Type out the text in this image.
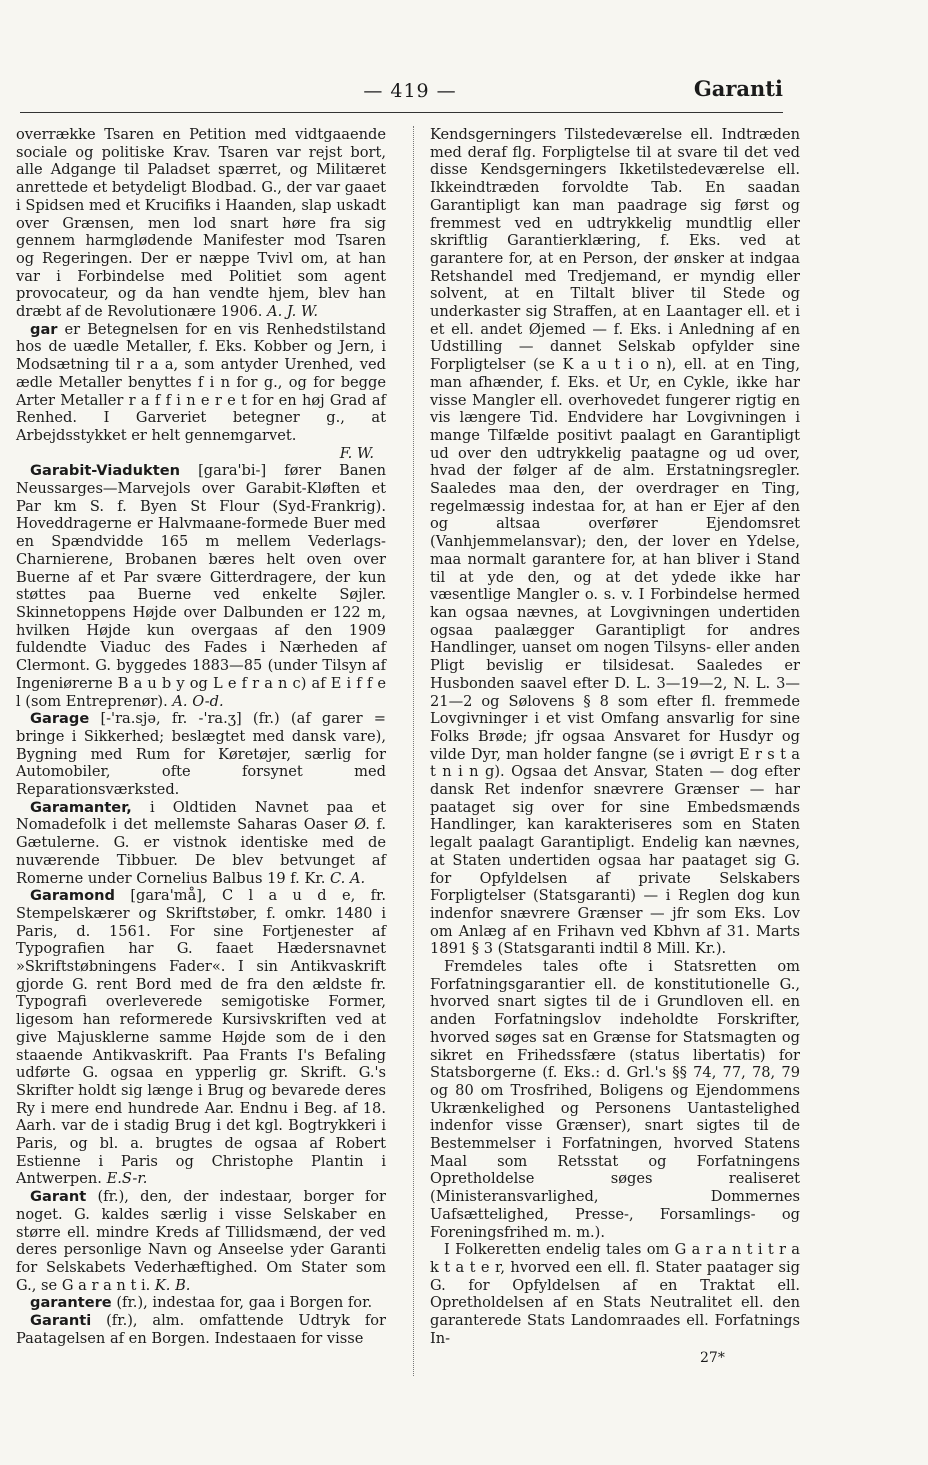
— 419 —	Garanti

overrække Tsaren en Petition med vidtgaaende sociale og politiske Krav. Tsaren var rejst bort, alle Adgange til Paladset spærret, og Militæret anrettede et betydeligt Blodbad. G., der var gaaet i Spidsen med et Krucifiks i Haanden, slap uskadt over Grænsen, men lod snart høre fra sig gennem harmglødende Manifester mod Tsaren og Regeringen. Der er næppe Tvivl om, at han var i Forbindelse med Politiet som agent provocateur, og da han vendte hjem, blev han dræbt af de Revolutionære 1906. A. J. W.

gar er Betegnelsen for en vis Renhedstilstand hos de uædle Metaller, f. Eks. Kobber og Jern, i Modsætning til r a a, som antyder Urenhed, ved ædle Metaller benyttes f i n for g., og for begge Arter Metaller r a f f i n e r e t for en høj Grad af Renhed. I Garveriet betegner g., at Arbejdsstykket er helt gennemgarvet.

F. W.

Garabit-Viadukten [gara'bi-] fører Banen Neussarges—Marvejols over Garabit-Kløften et Par km S. f. Byen St Flour (Syd-Frankrig). Hoveddragerne er Halvmaane-formede Buer med en Spændvidde 165 m mellem Vederlags-Charnierene, Brobanen bæres helt oven over Buerne af et Par svære Gitterdragere, der kun støttes paa Buerne ved enkelte Søjler. Skinnetoppens Højde over Dalbunden er 122 m, hvilken Højde kun overgaas af den 1909 fuldendte Viaduc des Fades i Nærheden af Clermont. G. byggedes 1883—85 (under Tilsyn af Ingeniørerne B a u b y og L e f r a n c) af E i f f e l (som Entreprenør). A. O-d.

Garage [-'ra.sjə, fr. -'ra.ʒ] (fr.) (af garer = bringe i Sikkerhed; beslægtet med dansk vare), Bygning med Rum for Køretøjer, særlig for Automobiler, ofte forsynet med Reparationsværksted.

Garamanter, i Oldtiden Navnet paa et Nomadefolk i det mellemste Saharas Oaser Ø. f. Gætulerne. G. er vistnok identiske med de nuværende Tibbuer. De blev betvunget af Romerne under Cornelius Balbus 19 f. Kr. C. A.

Garamond [gara'må], C l a u d e, fr. Stempelskærer og Skriftstøber, f. omkr. 1480 i Paris, d. 1561. For sine Fortjenester af Typografien har G. faaet Hædersnavnet »Skriftstøbningens Fader«. I sin Antikvaskrift gjorde G. rent Bord med de fra den ældste fr. Typografi overleverede semigotiske Former, ligesom han reformerede Kursivskriften ved at give Majusklerne samme Højde som de i den staaende Antikvaskrift. Paa Frants I's Befaling udførte G. ogsaa en ypperlig gr. Skrift. G.'s Skrifter holdt sig længe i Brug og bevarede deres Ry i mere end hundrede Aar. Endnu i Beg. af 18. Aarh. var de i stadig Brug i det kgl. Bogtrykkeri i Paris, og bl. a. brugtes de ogsaa af Robert Estienne i Paris og Christophe Plantin i Antwerpen. E.S-r.

Garant (fr.), den, der indestaar, borger for noget. G. kaldes særlig i visse Selskaber en større ell. mindre Kreds af Tillidsmænd, der ved deres personlige Navn og Anseelse yder Garanti for Selskabets Vederhæftighed. Om Stater som G., se G a r a n t i. K. B.

garantere (fr.), indestaa for, gaa i Borgen for.

Garanti (fr.), alm. omfattende Udtryk for Paatagelsen af en Borgen. Indestaaen for visse

Kendsgerningers Tilstedeværelse ell. Indtræden med deraf flg. Forpligtelse til at svare til det ved disse Kendsgerningers Ikketilstedeværelse ell. Ikkeindtræden forvoldte Tab. En saadan Garantipligt kan man paadrage sig først og fremmest ved en udtrykkelig mundtlig eller skriftlig Garantierklæring, f. Eks. ved at garantere for, at en Person, der ønsker at indgaa Retshandel med Tredjemand, er myndig eller solvent, at en Tiltalt bliver til Stede og underkaster sig Straffen, at en Laantager ell. et i et ell. andet Øjemed — f. Eks. i Anledning af en Udstilling — dannet Selskab opfylder sine Forpligtelser (se K a u t i o n), ell. at en Ting, man afhænder, f. Eks. et Ur, en Cykle, ikke har visse Mangler ell. overhovedet fungerer rigtig en vis længere Tid. Endvidere har Lovgivningen i mange Tilfælde positivt paalagt en Garantipligt ud over den udtrykkelig paatagne og ud over, hvad der følger af de alm. Erstatningsregler. Saaledes maa den, der overdrager en Ting, regelmæssig indestaa for, at han er Ejer af den og altsaa overfører Ejendomsret (Vanhjemmelansvar); den, der lover en Ydelse, maa normalt garantere for, at han bliver i Stand til at yde den, og at det ydede ikke har væsentlige Mangler o. s. v. I Forbindelse hermed kan ogsaa nævnes, at Lovgivningen undertiden ogsaa paalægger Garantipligt for andres Handlinger, uanset om nogen Tilsyns- eller anden Pligt bevislig er tilsidesat. Saaledes er Husbonden saavel efter D. L. 3—19—2, N. L. 3—21—2 og Sølovens § 8 som efter fl. fremmede Lovgivninger i et vist Omfang ansvarlig for sine Folks Brøde; jfr ogsaa Ansvaret for Husdyr og vilde Dyr, man holder fangne (se i øvrigt E r s t a t n i n g). Ogsaa det Ansvar, Staten — dog efter dansk Ret indenfor snævrere Grænser — har paataget sig over for sine Embedsmænds Handlinger, kan karakteriseres som en Staten legalt paalagt Garantipligt. Endelig kan nævnes, at Staten undertiden ogsaa har paataget sig G. for Opfyldelsen af private Selskabers Forpligtelser (Statsgaranti) — i Reglen dog kun indenfor snævrere Grænser — jfr som Eks. Lov om Anlæg af en Frihavn ved Kbhvn af 31. Marts 1891 § 3 (Statsgaranti indtil 8 Mill. Kr.).

Fremdeles tales ofte i Statsretten om Forfatningsgarantier ell. de konstitutionelle G., hvorved snart sigtes til de i Grundloven ell. en anden Forfatningslov indeholdte Forskrifter, hvorved søges sat en Grænse for Statsmagten og sikret en Frihedssfære (status libertatis) for Statsborgerne (f. Eks.: d. Grl.'s §§ 74, 77, 78, 79 og 80 om Trosfrihed, Boligens og Ejendommens Ukrænkelighed og Personens Uantastelighed indenfor visse Grænser), snart sigtes til de Bestemmelser i Forfatningen, hvorved Statens Maal som Retsstat og Forfatningens Opretholdelse søges realiseret (Ministeransvarlighed, Dommernes Uafsættelighed, Presse-, Forsamlings- og Foreningsfrihed m. m.).

I Folkeretten endelig tales om G a r a n t i t r a k t a t e r, hvorved een ell. fl. Stater paatager sig G. for Opfyldelsen af en Traktat ell. Opretholdelsen af en Stats Neutralitet ell. den garanterede Stats Landomraades ell. Forfatnings In-

27*
